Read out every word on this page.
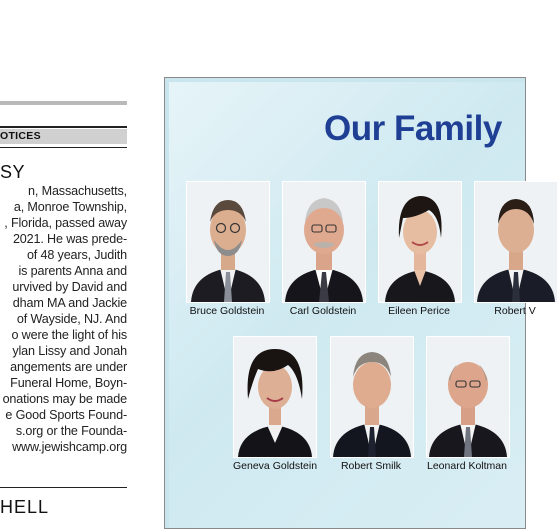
OTICES
SY
n, Massachusetts,
a, Monroe Township,
, Florida, passed away
2021. He was prede-
of 48 years, Judith
is parents Anna and
urvived by David and
dham MA and Jackie
of Wayside, NJ. And
o were the light of his
ylan Lissy and Jonah
angements are under
Funeral Home, Boyn-
onations may be made
e Good Sports Found-
s.org or the Founda-
www.jewishcamp.org
HELL
Our Family
Bruce Goldstein	Carl Goldstein	Eileen Perice	Robert V
Geneva Goldstein	Robert Smilk	Leonard Koltman
